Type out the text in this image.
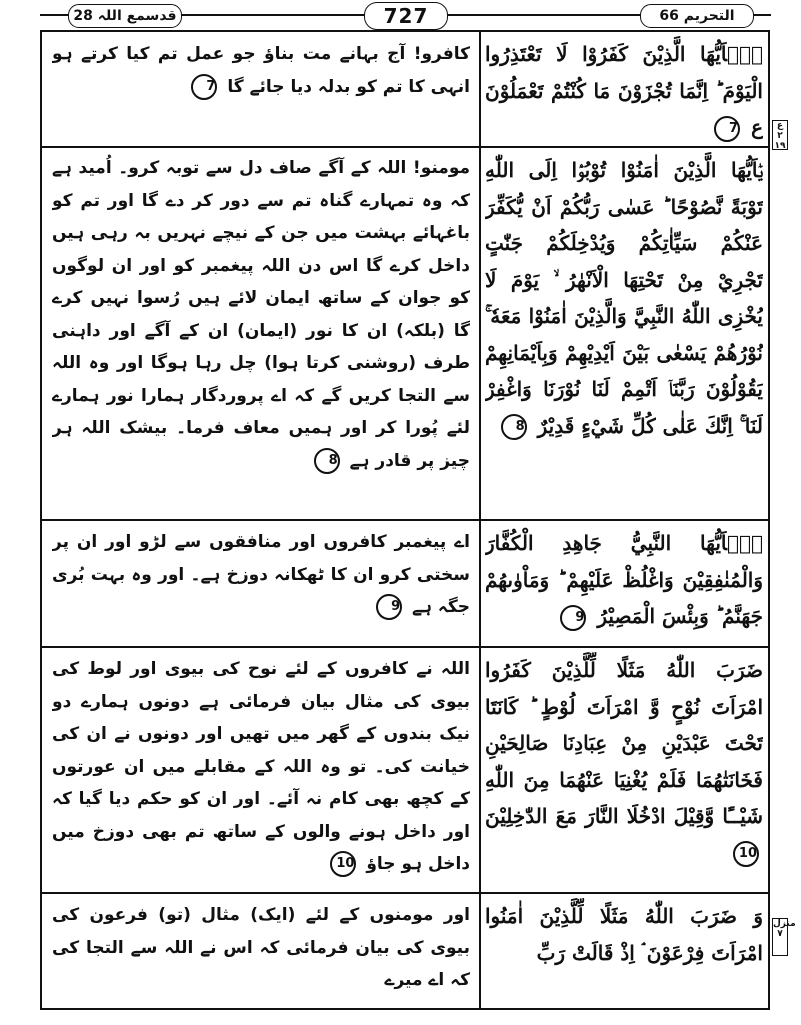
قدسمع اللہ 28	727	التحریم 66
يٰۤاَيُّهَا الَّذِيْنَ كَفَرُوْا لَا تَعْتَذِرُوا الْيَوْمَ ؕ اِنَّمَا تُجْزَوْنَ مَا كُنْتُمْ تَعْمَلُوْنَ ع 7
کافرو! آج بہانے مت بناؤ جو عمل تم کیا کرتے ہو انہی کا تم کو بدلہ دیا جائے گا 7
يٰۤاَيُّهَا الَّذِيْنَ اٰمَنُوْا تُوْبُوْۤا اِلَى اللّٰهِ تَوْبَةً نَّصُوْحًا ؕ عَسٰى رَبُّكُمْ اَنْ يُّكَفِّرَ عَنْكُمْ سَيِّاٰتِكُمْ وَيُدْخِلَكُمْ جَنّٰتٍ تَجْرِيْ مِنْ تَحْتِهَا الْاَنْهٰرُ ۙ يَوْمَ لَا يُخْزِى اللّٰهُ النَّبِيَّ وَالَّذِيْنَ اٰمَنُوْا مَعَهٗ ۚ نُوْرُهُمْ يَسْعٰى بَيْنَ اَيْدِيْهِمْ وَبِاَيْمَانِهِمْ يَقُوْلُوْنَ رَبَّنَاۤ اَتْمِمْ لَنَا نُوْرَنَا وَاغْفِرْ لَنَا ۚ اِنَّكَ عَلٰى كُلِّ شَيْءٍ قَدِيْرٌ 8
مومنو! اللہ کے آگے صاف دل سے توبہ کرو۔ اُمید ہے کہ وہ تمہارے گناہ تم سے دور کر دے گا اور تم کو باغہائے بہشت میں جن کے نیچے نہریں بہ رہی ہیں داخل کرے گا اس دن اللہ پیغمبر کو اور ان لوگوں کو جوان کے ساتھ ایمان لائے ہیں رُسوا نہیں کرے گا (بلکہ) ان کا نور (ایمان) ان کے آگے اور داہنی طرف (روشنی کرتا ہوا) چل رہا ہوگا اور وہ اللہ سے التجا کریں گے کہ اے پروردگار ہمارا نور ہمارے لئے پُورا کر اور ہمیں معاف فرما۔ بیشک اللہ ہر چیز پر قادر ہے 8
يٰۤاَيُّهَا النَّبِيُّ جَاهِدِ الْكُفَّارَ وَالْمُنٰفِقِيْنَ وَاغْلُظْ عَلَيْهِمْ ؕ وَمَاْوٰىهُمْ جَهَنَّمُ ؕ وَبِئْسَ الْمَصِيْرُ 9
اے پیغمبر کافروں اور منافقوں سے لڑو اور ان پر سختی کرو ان کا ٹھکانہ دوزخ ہے۔ اور وہ بہت بُری جگہ ہے 9
ضَرَبَ اللّٰهُ مَثَلًا لِّلَّذِيْنَ كَفَرُوا امْرَاَتَ نُوْحٍ وَّ امْرَاَتَ لُوْطٍ ؕ كَانَتَا تَحْتَ عَبْدَيْنِ مِنْ عِبَادِنَا صَالِحَيْنِ فَخَانَتٰهُمَا فَلَمْ يُغْنِيَا عَنْهُمَا مِنَ اللّٰهِ شَيْــًٔا وَّقِيْلَ ادْخُلَا النَّارَ مَعَ الدّٰخِلِيْنَ 10
اللہ نے کافروں کے لئے نوح کی بیوی اور لوط کی بیوی کی مثال بیان فرمائی ہے دونوں ہمارے دو نیک بندوں کے گھر میں تھیں اور دونوں نے ان کی خیانت کی۔ تو وہ اللہ کے مقابلے میں ان عورتوں کے کچھ بھی کام نہ آئے۔ اور ان کو حکم دیا گیا کہ اور داخل ہونے والوں کے ساتھ تم بھی دوزخ میں داخل ہو جاؤ 10
وَ ضَرَبَ اللّٰهُ مَثَلًا لِّلَّذِيْنَ اٰمَنُوا امْرَاَتَ فِرْعَوْنَ ۘ اِذْ قَالَتْ رَبِّ
اور مومنوں کے لئے (ایک) مثال (تو) فرعون کی بیوی کی بیان فرمائی کہ اس نے اللہ سے التجا کی کہ اے میرے
ع ۲ ۱۹
منزل ۷
